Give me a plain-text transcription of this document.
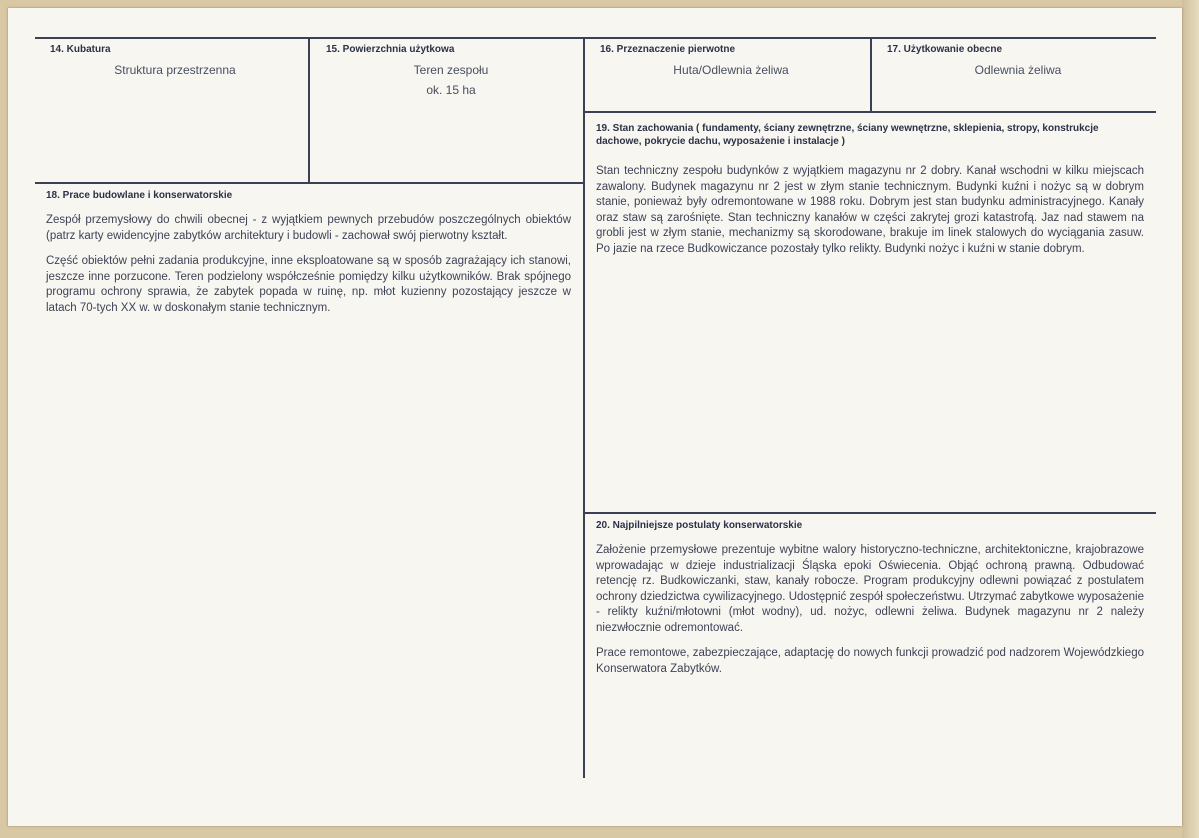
14. Kubatura
Struktura przestrzenna
15. Powierzchnia użytkowa
Teren zespołu
ok. 15 ha
16. Przeznaczenie pierwotne
Huta/Odlewnia żeliwa
17. Użytkowanie obecne
Odlewnia żeliwa
19. Stan zachowania ( fundamenty, ściany zewnętrzne, ściany wewnętrzne, sklepienia, stropy, konstrukcje dachowe, pokrycie dachu, wyposażenie i instalacje )

Stan techniczny zespołu budynków z wyjątkiem magazynu nr 2 dobry. Kanał wschodni w kilku miejscach zawalony. Budynek magazynu nr 2 jest w złym stanie technicznym. Budynki kuźni i nożyc są w dobrym stanie, ponieważ były odremontowane w 1988 roku. Dobrym jest stan budynku administracyjnego. Kanały oraz staw są zarośnięte. Stan techniczny kanałów w części zakrytej grozi katastrofą. Jaz nad stawem na grobli jest w złym stanie, mechanizmy są skorodowane, brakuje im linek stalowych do wyciągania zasuw. Po jazie na rzece Budkowiczance pozostały tylko relikty. Budynki nożyc i kuźni w stanie dobrym.

18. Prace budowlane i konserwatorskie

Zespół przemysłowy do chwili obecnej - z wyjątkiem pewnych przebudów poszczególnych obiektów (patrz karty ewidencyjne zabytków architektury i budowli - zachował swój pierwotny kształt.

Część obiektów pełni zadania produkcyjne, inne eksploatowane są w sposób zagrażający ich stanowi, jeszcze inne porzucone. Teren podzielony współcześnie pomiędzy kilku użytkowników. Brak spójnego programu ochrony sprawia, że zabytek popada w ruinę, np. młot kuzienny pozostający jeszcze w latach 70-tych XX w. w doskonałym stanie technicznym.

20. Najpilniejsze postulaty konserwatorskie

Założenie przemysłowe prezentuje wybitne walory historyczno-techniczne, architektoniczne, krajobrazowe wprowadając w dzieje industrializacji Śląska epoki Oświecenia. Objąć ochroną prawną. Odbudować retencję rz. Budkowiczanki, staw, kanały robocze. Program produkcyjny odlewni powiązać z postulatem ochrony dziedzictwa cywilizacyjnego. Udostępnić zespół społeczeństwu. Utrzymać zabytkowe wyposażenie - relikty kuźni/młotowni (młot wodny), ud. nożyc, odlewni żeliwa. Budynek magazynu nr 2 należy niezwłocznie odremontować.

Prace remontowe, zabezpieczające, adaptację do nowych funkcji prowadzić pod nadzorem Wojewódzkiego Konserwatora Zabytków.
